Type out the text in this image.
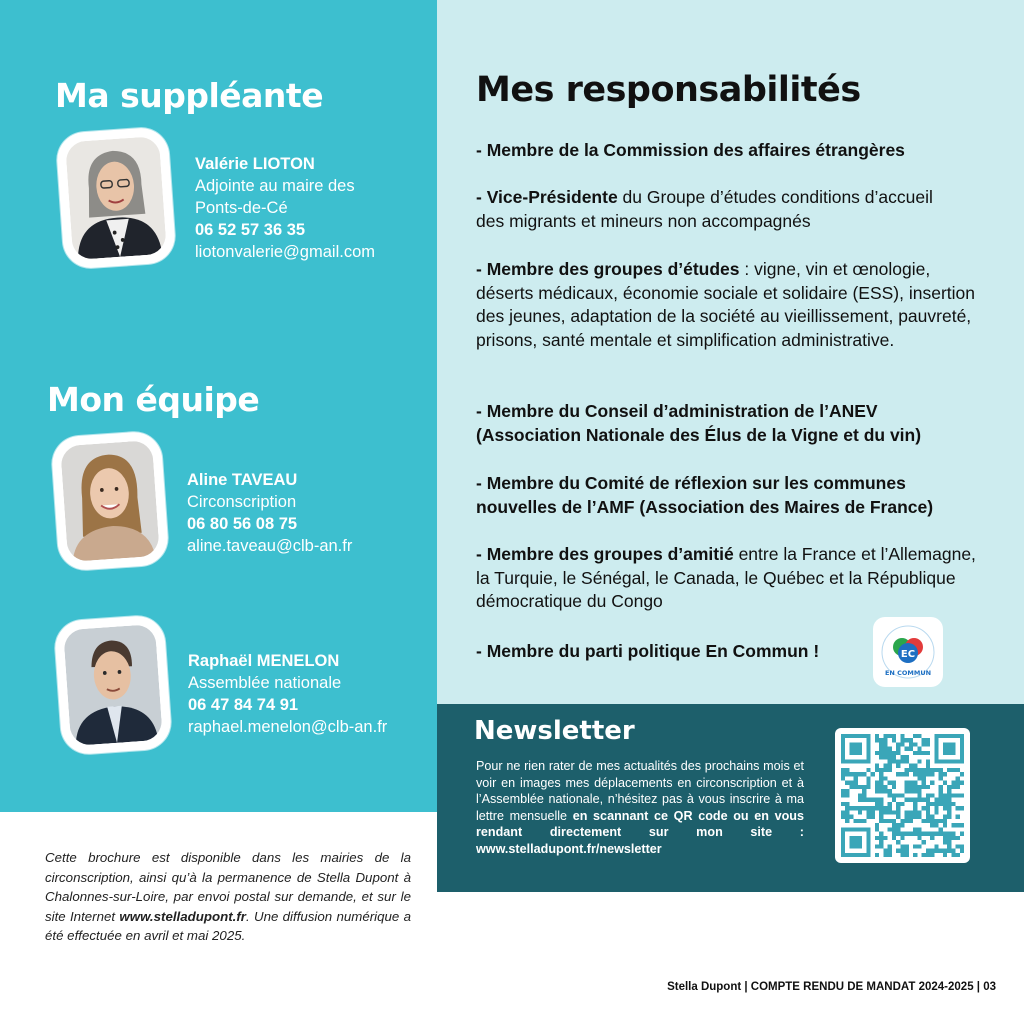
Ma suppléante
Valérie LIOTON
Adjointe au maire des
Ponts-de-Cé
06 52 57 36 35
liotonvalerie@gmail.com
Mon équipe
Aline TAVEAU
Circonscription
06 80 56 08 75
aline.taveau@clb-an.fr
Raphaël MENELON
Assemblée nationale
06 47 84 74 91
raphael.menelon@clb-an.fr
Mes responsabilités
- Membre de la Commission des affaires étrangères
- Vice-Présidente du Groupe d’études conditions d’accueil des migrants et mineurs non accompagnés
- Membre des groupes d’études : vigne, vin et œnologie, déserts médicaux, économie sociale et solidaire (ESS), insertion des jeunes, adaptation de la société au vieillissement, pauvreté, prisons, santé mentale et simplification administrative.
- Membre du Conseil d’administration de l’ANEV (Association Nationale des Élus de la Vigne et du vin)
- Membre du Comité de réflexion sur les communes nouvelles de l’AMF (Association des Maires de France)
- Membre des groupes d’amitié entre la France et l’Allemagne, la Turquie, le Sénégal, le Canada, le Québec et la République démocratique du Congo
- Membre du parti politique En Commun !	EC
EN COMMUN
Newsletter
Pour ne rien rater de mes actualités des prochains mois et voir en images mes déplacements en circonscription et à l’Assemblée nationale, n’hésitez pas à vous inscrire à ma lettre mensuelle en scannant ce QR code ou en vous rendant directement sur mon site : www.stelladupont.fr/newsletter
Cette brochure est disponible dans les mairies de la circonscription, ainsi qu’à la permanence de Stella Dupont à Chalonnes-sur-Loire, par envoi postal sur demande, et sur le site Internet www.stelladupont.fr. Une diffusion numérique a été effectuée en avril et mai 2025.
Stella Dupont | COMPTE RENDU DE MANDAT 2024-2025 | 03
